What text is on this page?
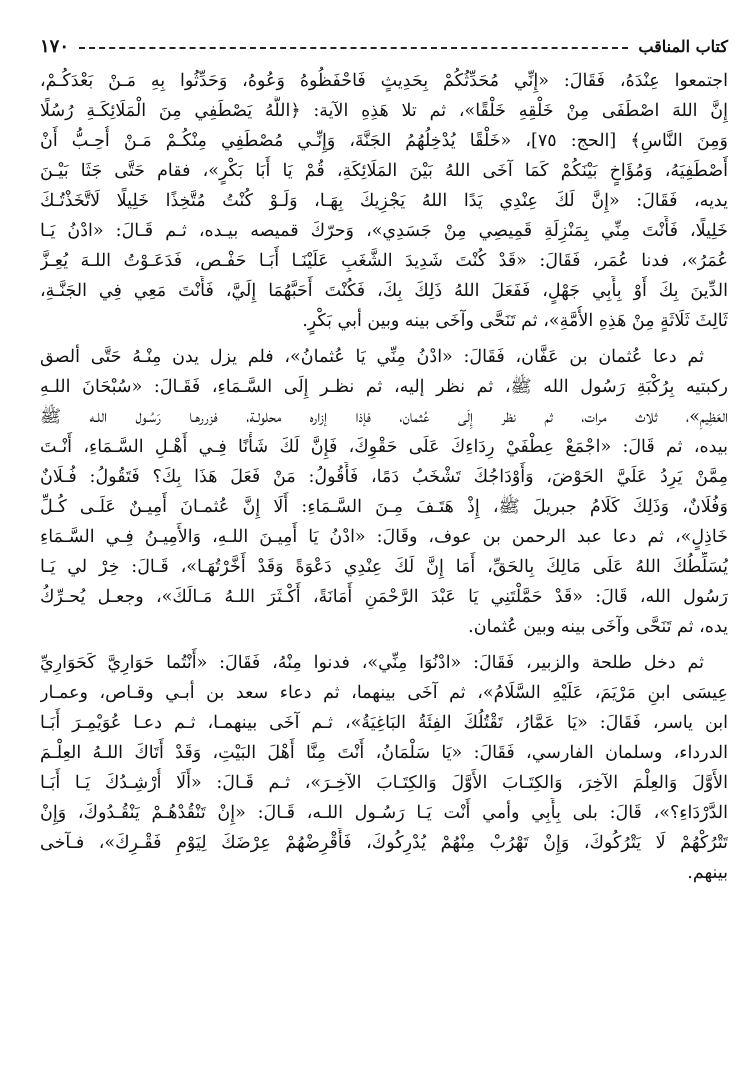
١٧٠	كتاب المناقب
اجتمعوا عِنْدَهُ، فَقَالَ: «إِنِّي مُحَدِّثُكُمْ بِحَدِيثٍ فَاحْفَظُوهُ وَعُوهُ، وَحَدِّثُوا بِهِ مَـنْ بَعْدَكُـمْ،
إِنَّ اللهَ اصْطَفَى مِنْ خَلْقِهِ خَلْقًا»، ثم تلا هَذِهِ الآية: ﴿اللَّهُ يَصْطَفِي مِنَ الْمَلَائِكَـةِ رُسُلًا
وَمِنَ النَّاسِ﴾ [الحج: ٧٥]، «خَلْقًا يُدْخِلُهُمُ الجَنَّةَ، وَإِنِّـي مُصْطَفِي مِنْكُـمْ مَـنْ أُحِـبُّ أَنْ
أَصْطَفِيَهُ، وَمُؤَاخٍ بَيْنَكُمْ كَمَا آخَى اللهُ بَيْنَ المَلَائِكَةِ، قُمْ يَا أَبَا بَكْرٍ»، فقام حَتَّى جَثَا بَيْـنَ
يديه، فَقَالَ: «إِنَّ لَكَ عِنْدِي يَدًا اللهُ يَجْزِيكَ بِهَـا، وَلَـوْ كُنْتُ مُتَّخِذًا خَلِيلًا لَاتَّخَذْتُـكَ
خَلِيلًا، فَأَنْتَ مِنِّي بِمَنْزِلَةِ قَمِيصِي مِنْ جَسَدِي»، وَحرّكَ قميصه بيـده، ثـم قَـالَ: «ادْنُ يَـا
عُمَرُ»، فدنا عُمَر، فَقَالَ: «قَدْ كُنْتَ شَدِيدَ الشَّغَبِ عَلَيْنَـا أَبَـا حَفْـص، فَدَعَـوْتُ اللـهَ يُعِـزَّ
الدِّينَ بِكَ أَوْ بِأَبِي جَهْلٍ، فَفَعَلَ اللهُ ذَلِكَ بِكَ، فَكُنْتَ أَحَبَّهُمَا إِلَيَّ، فَأَنْتَ مَعِي فِي الجَنَّـةِ،
ثَالِثَ ثَلَاثَةٍ مِنْ هَذِهِ الأُمَّةِ»، ثم تَنَحَّى وآخَى بينه وبين أبي بَكْرٍ.
ثم دعا عُثمان بن عَفَّان، فَقَالَ: «ادْنُ مِنِّي يَا عُثمانُ»، فلم يزل يدن مِنْـهُ حَتَّى ألصق
ركبتيه بِرُكْبَةِ رَسُول الله ﷺ، ثم نظر إليه، ثم نظـر إِلَى السَّـمَاءِ، فَقَـالَ: «سُبْحَانَ اللـهِ
العَظِيمِ»، ثلاث مرات، ثم نظر إِلَى عُثمان، فإذا إزاره محلولـة، فزررهـا رَسُـول اللـه ﷺ
بيده، ثم قَالَ: «اجْمَعْ عِطْفَيْ رِدَاءِكَ عَلَى حَقْوِكَ، فَإِنَّ لَكَ شَأْنًا فِـي أَهْـلِ السَّـمَاءِ، أَنْـتَ
مِمَّنْ يَرِدُ عَلَيَّ الحَوْضَ، وَأَوْدَاجُكَ تَشْخَبُ دَمًا، فَأَقُولُ: مَنْ فَعَلَ هَذَا بِكَ؟ فَتَقُولُ: فُـلَانٌ
وَفُلَانٌ، وَذَلِكَ كَلَامُ جبريلَ ﷺ، إِذْ هَتَـفَ مِـنَ السَّـمَاءِ: أَلَا إِنَّ عُثمـانَ أَمِيـنٌ عَلَـى كُـلِّ
خَاذِلٍ»، ثم دعا عبد الرحمن بن عوف، وقَالَ: «ادْنُ يَا أَمِيـنَ اللـهِ، وَالأَمِيـنُ فِـي السَّـمَاءِ
يُسَلِّطُكَ اللهُ عَلَى مَالِكَ بِالحَقِّ، أَمَا إِنَّ لَكَ عِنْدِي دَعْوَةً وَقَدْ أَخَّرْتُهَـا»، قَـالَ: خِرْ لي يَـا
رَسُول الله، قَالَ: «قَدْ حَمَّلْتَنِي يَا عَبْدَ الرَّحْمَنِ أَمَانَةً، أَكْـثَرَ اللـهُ مَـالَكَ»، وجعـل يُحـرِّكُ
يده، ثم تَنَحَّى وآخَى بينه وبين عُثمان.
ثم دخل طلحة والزبير، فَقَالَ: «ادْنُوَا مِنِّي»، فدنوا مِنْهُ، فَقَالَ: «أَنْتُما حَوَارِيَّ كَحَوَارِيِّ
عِيسَى ابنِ مَرْيَمَ، عَلَيْهِ السَّلَامُ»، ثم آخَى بينهما، ثم دعاء سعد بن أبـي وقـاص، وعمـار
ابن ياسر، فَقَالَ: «يَا عَمَّارُ، تَقْتُلُكَ الفِئَةُ البَاغِيَةُ»، ثـم آخَى بينهمـا، ثـم دعـا عُوَيْمِـرَ أَبَـا
الدرداء، وسلمان الفارسي، فَقَالَ: «يَا سَلْمَانُ، أَنْتَ مِنَّا أَهْلَ البَيْتِ، وَقَدْ أَتَاكَ اللـهُ العِلْـمَ
الأَوَّلَ وَالعِلْمَ الآخِرَ، وَالكِتَـابَ الأَوَّلَ وَالكِتَـابَ الآخِـرَ»، ثـم قَـالَ: «أَلَا أُرْشِـدُكَ يَـا أَبَـا
الدَّرْدَاءِ؟»، قَالَ: بلى بِأَبِي وأمي أَنْت يَـا رَسُـول اللـه، قَـالَ: «إِنْ تَنْقُدْهُـمْ يَنْقُـدُوكَ، وَإِنْ
تَتْرُكْهُمْ لَا يَتْرُكُوكَ، وَإِنْ تَهْرُبْ مِنْهُمْ يُدْرِكُوكَ، فَأَقْرِضْهُمْ عِرْضَكَ لِيَوْمِ فَقْـرِكَ»، فـآخى
بينهم.
